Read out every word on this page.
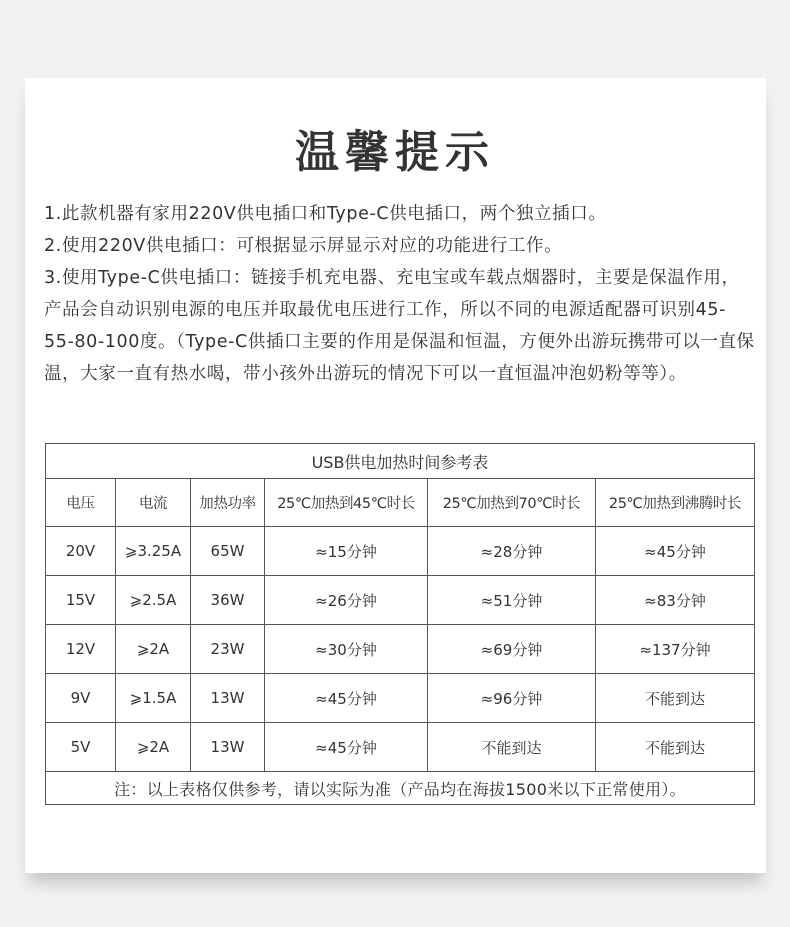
温馨提示

1.此款机器有家用220V供电插口和Type-C供电插口，两个独立插口。

2.使用220V供电插口：可根据显示屏显示对应的功能进行工作。

3.使用Type-C供电插口：链接手机充电器、充电宝或车载点烟器时，主要是保温作用，产品会自动识别电源的电压并取最优电压进行工作，所以不同的电源适配器可识别45-55-80-100度。（Type-C供插口主要的作用是保温和恒温，方便外出游玩携带可以一直保温，大家一直有热水喝，带小孩外出游玩的情况下可以一直恒温冲泡奶粉等等）。

USB供电加热时间参考表					
电压	电流	加热功率	25℃加热到45℃时长	25℃加热到70℃时长	25℃加热到沸腾时长
20V	⩾3.25A	65W	≈15分钟	≈28分钟	≈45分钟
15V	⩾2.5A	36W	≈26分钟	≈51分钟	≈83分钟
12V	⩾2A	23W	≈30分钟	≈69分钟	≈137分钟
9V	⩾1.5A	13W	≈45分钟	≈96分钟	不能到达
5V	⩾2A	13W	≈45分钟	不能到达	不能到达
注：以上表格仅供参考，请以实际为准（产品均在海拔1500米以下正常使用）。					
